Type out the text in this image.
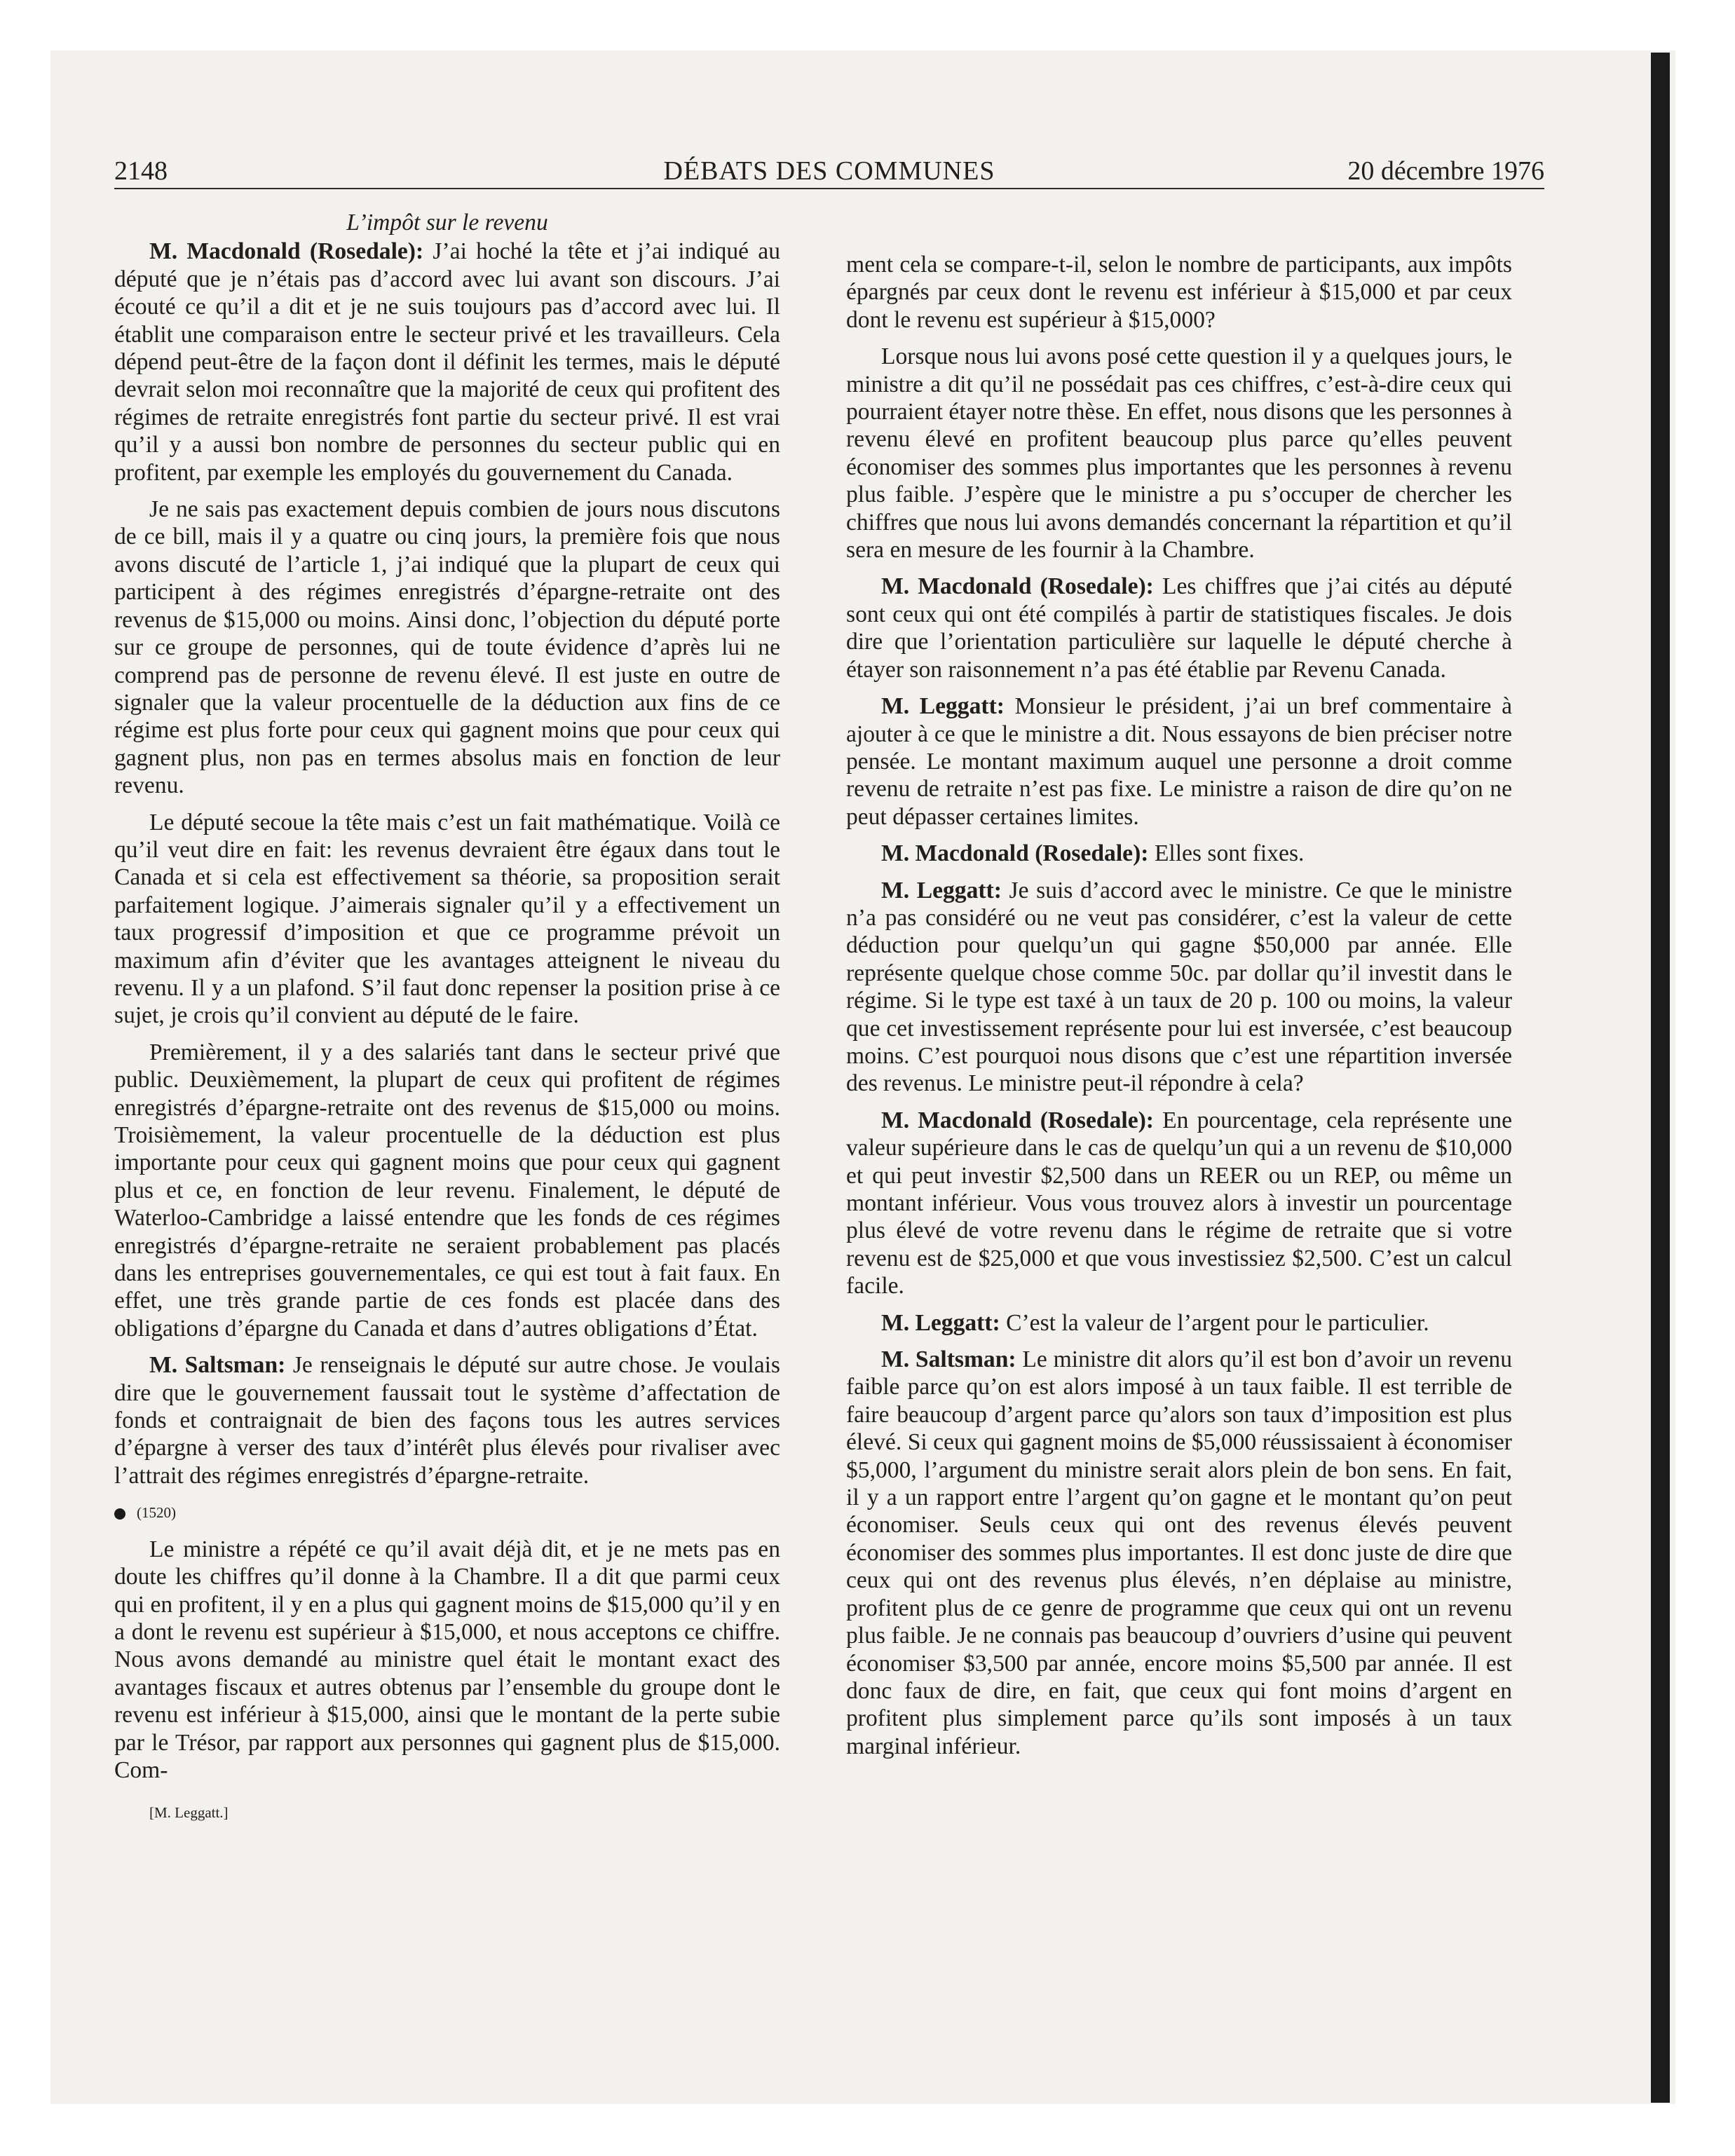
2148	DÉBATS DES COMMUNES	20 décembre 1976
L’impôt sur le revenu

M. Macdonald (Rosedale): J’ai hoché la tête et j’ai indiqué au député que je n’étais pas d’accord avec lui avant son discours. J’ai écouté ce qu’il a dit et je ne suis toujours pas d’accord avec lui. Il établit une comparaison entre le secteur privé et les travailleurs. Cela dépend peut-être de la façon dont il définit les termes, mais le député devrait selon moi reconnaître que la majorité de ceux qui profitent des régimes de retraite enregistrés font partie du secteur privé. Il est vrai qu’il y a aussi bon nombre de personnes du secteur public qui en profitent, par exemple les employés du gouvernement du Canada.

Je ne sais pas exactement depuis combien de jours nous discutons de ce bill, mais il y a quatre ou cinq jours, la première fois que nous avons discuté de l’article 1, j’ai indiqué que la plupart de ceux qui participent à des régimes enregistrés d’épargne-retraite ont des revenus de $15,000 ou moins. Ainsi donc, l’objection du député porte sur ce groupe de personnes, qui de toute évidence d’après lui ne comprend pas de personne de revenu élevé. Il est juste en outre de signaler que la valeur procentuelle de la déduction aux fins de ce régime est plus forte pour ceux qui gagnent moins que pour ceux qui gagnent plus, non pas en termes absolus mais en fonction de leur revenu.

Le député secoue la tête mais c’est un fait mathématique. Voilà ce qu’il veut dire en fait: les revenus devraient être égaux dans tout le Canada et si cela est effectivement sa théorie, sa proposition serait parfaitement logique. J’aimerais signaler qu’il y a effectivement un taux progressif d’imposition et que ce programme prévoit un maximum afin d’éviter que les avantages atteignent le niveau du revenu. Il y a un plafond. S’il faut donc repenser la position prise à ce sujet, je crois qu’il convient au député de le faire.

Premièrement, il y a des salariés tant dans le secteur privé que public. Deuxièmement, la plupart de ceux qui profitent de régimes enregistrés d’épargne-retraite ont des revenus de $15,000 ou moins. Troisièmement, la valeur procentuelle de la déduction est plus importante pour ceux qui gagnent moins que pour ceux qui gagnent plus et ce, en fonction de leur revenu. Finalement, le député de Waterloo-Cambridge a laissé entendre que les fonds de ces régimes enregistrés d’épargne-retraite ne seraient probablement pas placés dans les entreprises gouvernementales, ce qui est tout à fait faux. En effet, une très grande partie de ces fonds est placée dans des obligations d’épargne du Canada et dans d’autres obligations d’État.

M. Saltsman: Je renseignais le député sur autre chose. Je voulais dire que le gouvernement faussait tout le système d’affectation de fonds et contraignait de bien des façons tous les autres services d’épargne à verser des taux d’intérêt plus élevés pour rivaliser avec l’attrait des régimes enregistrés d’épargne-retraite.

(1520)

Le ministre a répété ce qu’il avait déjà dit, et je ne mets pas en doute les chiffres qu’il donne à la Chambre. Il a dit que parmi ceux qui en profitent, il y en a plus qui gagnent moins de $15,000 qu’il y en a dont le revenu est supérieur à $15,000, et nous acceptons ce chiffre. Nous avons demandé au ministre quel était le montant exact des avantages fiscaux et autres obtenus par l’ensemble du groupe dont le revenu est inférieur à $15,000, ainsi que le montant de la perte subie par le Trésor, par rapport aux personnes qui gagnent plus de $15,000. Com-

[M. Leggatt.]

ment cela se compare-t-il, selon le nombre de participants, aux impôts épargnés par ceux dont le revenu est inférieur à $15,000 et par ceux dont le revenu est supérieur à $15,000?

Lorsque nous lui avons posé cette question il y a quelques jours, le ministre a dit qu’il ne possédait pas ces chiffres, c’est-à-dire ceux qui pourraient étayer notre thèse. En effet, nous disons que les personnes à revenu élevé en profitent beaucoup plus parce qu’elles peuvent économiser des sommes plus importantes que les personnes à revenu plus faible. J’espère que le ministre a pu s’occuper de chercher les chiffres que nous lui avons demandés concernant la répartition et qu’il sera en mesure de les fournir à la Chambre.

M. Macdonald (Rosedale): Les chiffres que j’ai cités au député sont ceux qui ont été compilés à partir de statistiques fiscales. Je dois dire que l’orientation particulière sur laquelle le député cherche à étayer son raisonnement n’a pas été établie par Revenu Canada.

M. Leggatt: Monsieur le président, j’ai un bref commentaire à ajouter à ce que le ministre a dit. Nous essayons de bien préciser notre pensée. Le montant maximum auquel une personne a droit comme revenu de retraite n’est pas fixe. Le ministre a raison de dire qu’on ne peut dépasser certaines limites.

M. Macdonald (Rosedale): Elles sont fixes.

M. Leggatt: Je suis d’accord avec le ministre. Ce que le ministre n’a pas considéré ou ne veut pas considérer, c’est la valeur de cette déduction pour quelqu’un qui gagne $50,000 par année. Elle représente quelque chose comme 50c. par dollar qu’il investit dans le régime. Si le type est taxé à un taux de 20 p. 100 ou moins, la valeur que cet investissement représente pour lui est inversée, c’est beaucoup moins. C’est pourquoi nous disons que c’est une répartition inversée des revenus. Le ministre peut-il répondre à cela?

M. Macdonald (Rosedale): En pourcentage, cela représente une valeur supérieure dans le cas de quelqu’un qui a un revenu de $10,000 et qui peut investir $2,500 dans un REER ou un REP, ou même un montant inférieur. Vous vous trouvez alors à investir un pourcentage plus élevé de votre revenu dans le régime de retraite que si votre revenu est de $25,000 et que vous investissiez $2,500. C’est un calcul facile.

M. Leggatt: C’est la valeur de l’argent pour le particulier.

M. Saltsman: Le ministre dit alors qu’il est bon d’avoir un revenu faible parce qu’on est alors imposé à un taux faible. Il est terrible de faire beaucoup d’argent parce qu’alors son taux d’imposition est plus élevé. Si ceux qui gagnent moins de $5,000 réussissaient à économiser $5,000, l’argument du ministre serait alors plein de bon sens. En fait, il y a un rapport entre l’argent qu’on gagne et le montant qu’on peut économiser. Seuls ceux qui ont des revenus élevés peuvent économiser des sommes plus importantes. Il est donc juste de dire que ceux qui ont des revenus plus élevés, n’en déplaise au ministre, profitent plus de ce genre de programme que ceux qui ont un revenu plus faible. Je ne connais pas beaucoup d’ouvriers d’usine qui peuvent économiser $3,500 par année, encore moins $5,500 par année. Il est donc faux de dire, en fait, que ceux qui font moins d’argent en profitent plus simplement parce qu’ils sont imposés à un taux marginal inférieur.
